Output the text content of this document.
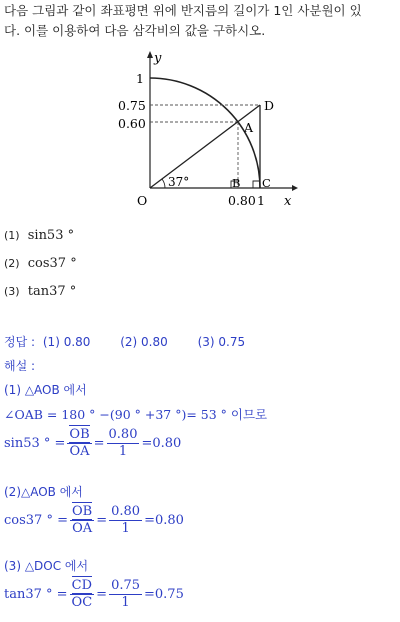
다음 그림과 같이 좌표평면 위에 반지름의 길이가 1인 사분원이 있
다. 이를 이용하여 다음 삼각비의 값을 구하시오.
y
x
O
1
0.75
0.60
0.80 1
A
B C
D
37°
(1) sin53 °
(2) cos37 °
(3) tan37 °
정답 : (1) 0.80 (2) 0.80 (3) 0.75
해설 :
(1) △AOB 에서
∠OAB = 180 ° −(90 ° +37 °)= 53 ° 이므로
sin53 ° = $\frac{OB}{OA} = \frac{0.80}{1} =0.80$
(2)△AOB 에서
cos37 ° = $\frac{OB}{OA} = \frac{0.80}{1} =0.80$
(3) △DOC 에서
tan37 ° = $\frac{CD}{OC} = \frac{0.75}{1} =0.75$
